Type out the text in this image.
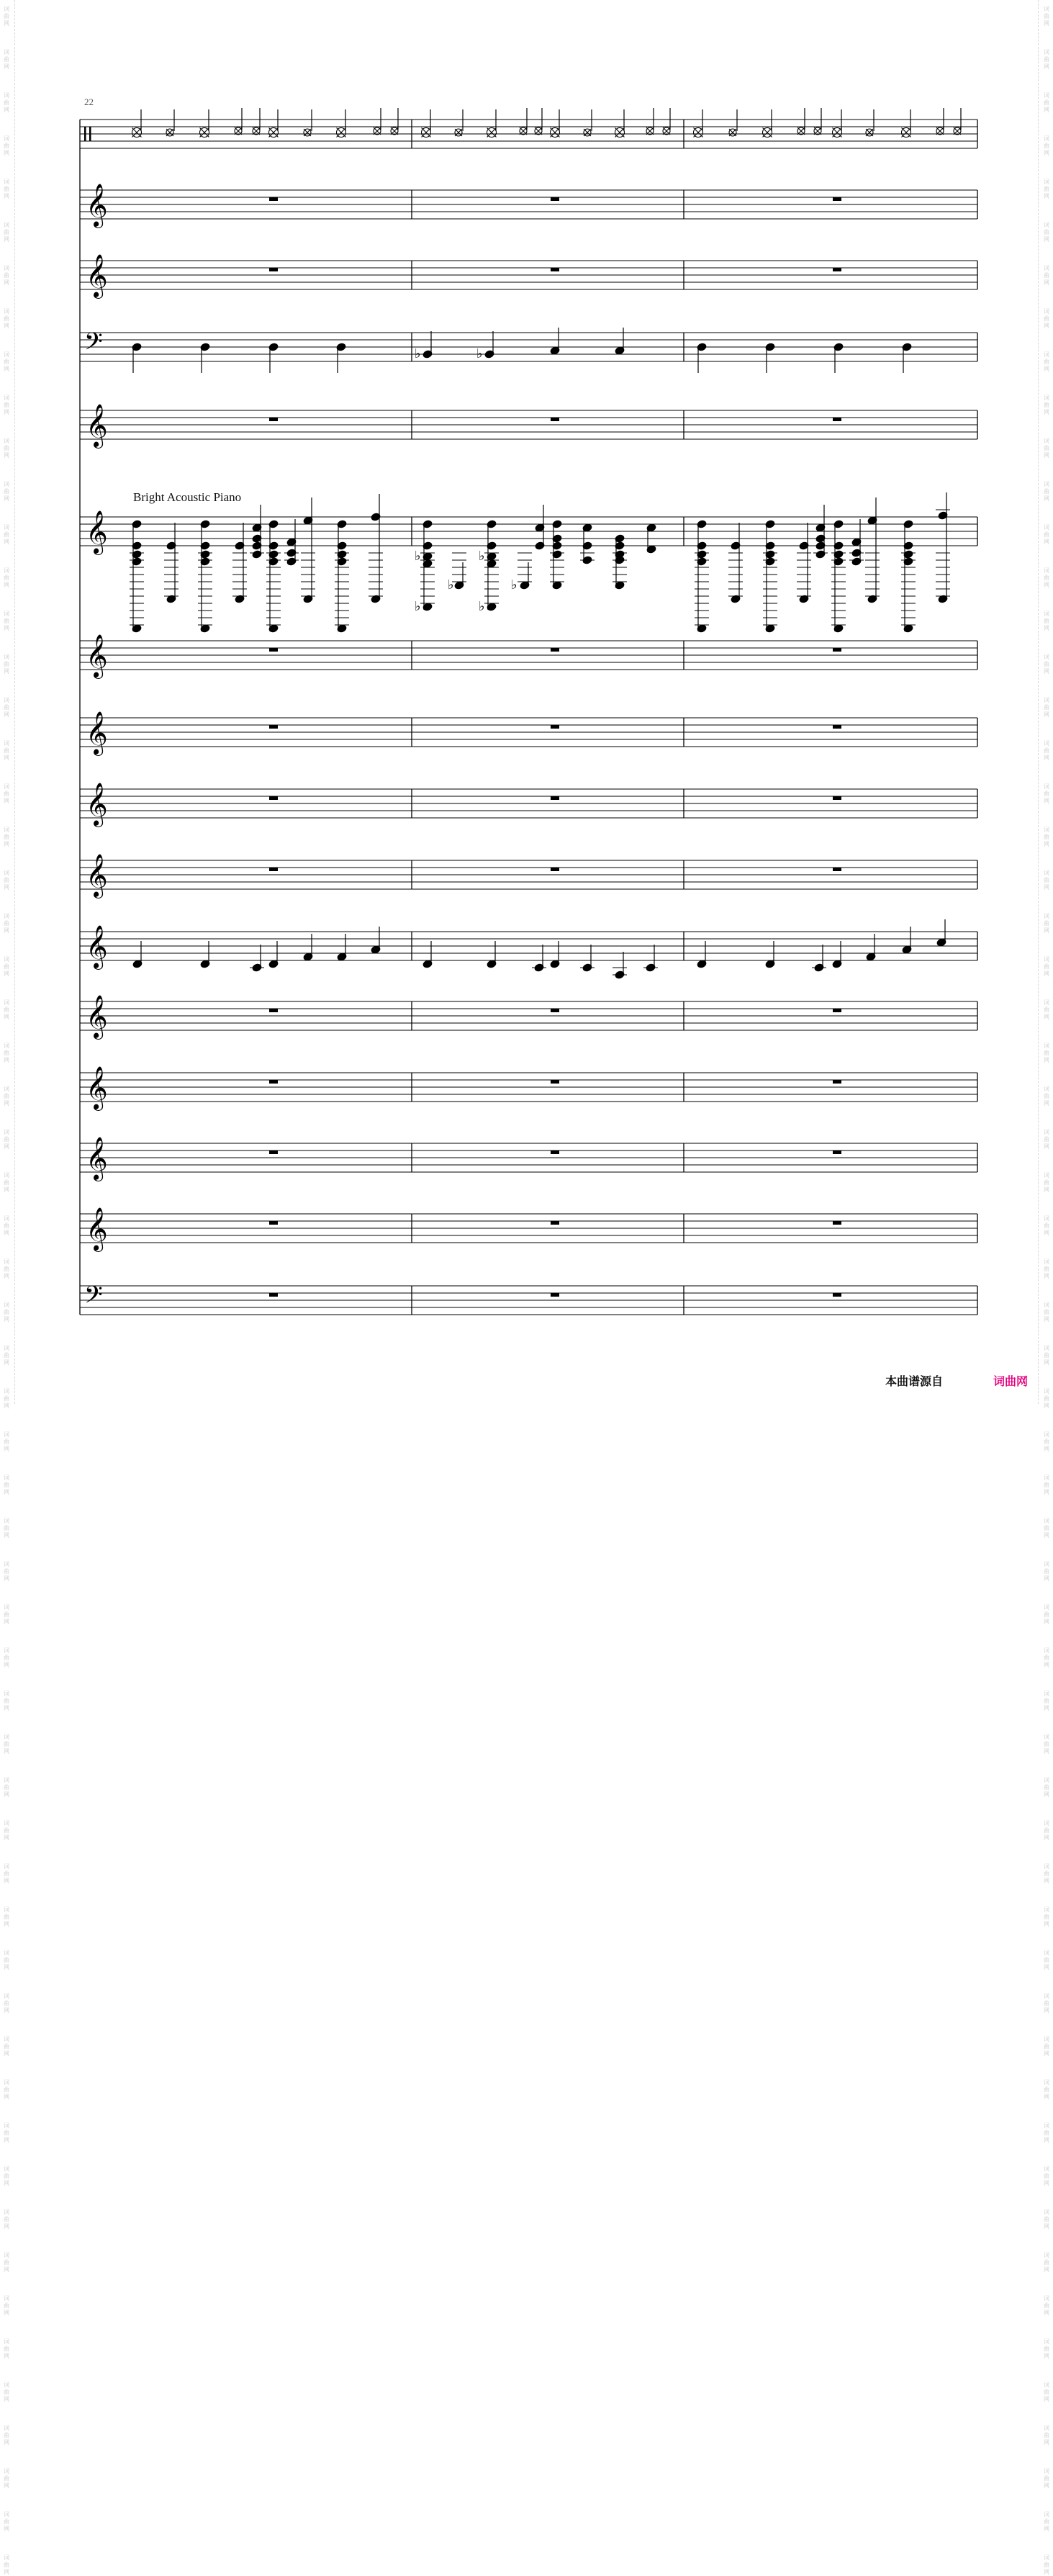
词
曲
网
词
曲
网
词
曲
网
词
曲
网
词
曲
网
词
曲
网
词
曲
网
词
曲
网
词
曲
网
词
曲
网
词
曲
网
词
曲
网
词
曲
网
词
曲
网
词
曲
网
词
曲
网
词
曲
网
词
曲
网
词
曲
网
词
曲
网
词
曲
网
词
曲
网
词
曲
网
词
曲
网
词
曲
网
词
曲
网
词
曲
网
词
曲
网
词
曲
网
词
曲
网
词
曲
网
词
曲
网
词
曲
网
词
曲
网
词
曲
网
词
曲
网
词
曲
网
词
曲
网
词
曲
网
词
曲
网
词
曲
网
词
曲
网
词
曲
网
词
曲
网
词
曲
网
词
曲
网
词
曲
网
词
曲
网
词
曲
网
词
曲
网
词
曲
网
词
曲
网
词
曲
网
词
曲
网
词
曲
网
词
曲
网
词
曲
网
词
曲
网
词
曲
网
词
曲
网
词
曲
网
词
曲
网
词
曲
网
词
曲
网
词
曲
网
词
曲
网
词
曲
网
词
曲
网
词
曲
网
词
曲
网
词
曲
网
词
曲
网
词
曲
网
词
曲
网
词
曲
网
词
曲
网
词
曲
网
词
曲
网
词
曲
网
词
曲
网
词
曲
网
词
曲
网
词
曲
网
词
曲
网
词
曲
网
词
曲
网
词
曲
网
词
曲
网
词
曲
网
词
曲
网
词
曲
网
词
曲
网
词
曲
网
词
曲
网
词
曲
网
词
曲
网
词
曲
网
词
曲
网
词
曲
网
词
曲
网
词
曲
网
词
曲
网
词
曲
网
词
曲
网
词
曲
网
词
曲
网
词
曲
网
词
曲
网
词
曲
网
词
曲
网
词
曲
网
词
曲
网
词
曲
网
词
曲
网
词
曲
网
词
曲
网
词
曲
网
词
曲
网
词
曲
网
词
曲
网
𝄞
𝄞
𝄢
𝄞
𝄞
𝄞
𝄞
𝄞
𝄞
𝄞
𝄞
𝄞
𝄞
𝄞
𝄢
♭	♭
♭
♭
♭
♭
♭	♭
22
Bright Acoustic Piano
本曲谱源自	词曲网
